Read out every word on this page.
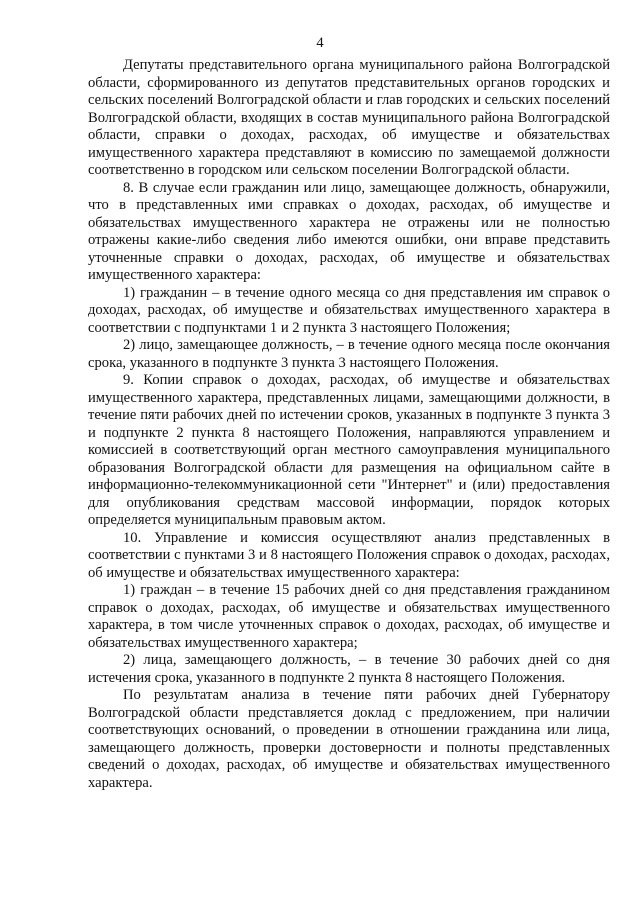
4

Депутаты представительного органа муниципального района Волгоградской области, сформированного из депутатов представительных органов городских и сельских поселений Волгоградской области и глав городских и сельских поселений Волгоградской области, входящих в состав муниципального района Волгоградской области, справки о доходах, расходах, об имуществе и обязательствах имущественного характера представляют в комиссию по замещаемой должности соответственно в городском или сельском поселении Волгоградской области.

8. В случае если гражданин или лицо, замещающее должность, обнаружили, что в представленных ими справках о доходах, расходах, об имуществе и обязательствах имущественного характера не отражены или не полностью отражены какие-либо сведения либо имеются ошибки, они вправе представить уточненные справки о доходах, расходах, об имуществе и обязательствах имущественного характера:

1) гражданин – в течение одного месяца со дня представления им справок о доходах, расходах, об имуществе и обязательствах имущественного характера в соответствии с подпунктами 1 и 2 пункта 3 настоящего Положения;

2) лицо, замещающее должность, – в течение одного месяца после окончания срока, указанного в подпункте 3 пункта 3 настоящего Положения.

9. Копии справок о доходах, расходах, об имуществе и обязательствах имущественного характера, представленных лицами, замещающими должности, в течение пяти рабочих дней по истечении сроков, указанных в подпункте 3 пункта 3 и подпункте 2 пункта 8 настоящего Положения, направляются управлением и комиссией в соответствующий орган местного самоуправления муниципального образования Волгоградской области для размещения на официальном сайте в информационно-телекоммуникационной сети "Интернет" и (или) предоставления для опубликования средствам массовой информации, порядок которых определяется муниципальным правовым актом.

10. Управление и комиссия осуществляют анализ представленных в соответствии с пунктами 3 и 8 настоящего Положения справок о доходах, расходах, об имуществе и обязательствах имущественного характера:

1) граждан – в течение 15 рабочих дней со дня представления гражданином справок о доходах, расходах, об имуществе и обязательствах имущественного характера, в том числе уточненных справок о доходах, расходах, об имуществе и обязательствах имущественного характера;

2) лица, замещающего должность, – в течение 30 рабочих дней со дня истечения срока, указанного в подпункте 2 пункта 8 настоящего Положения.

По результатам анализа в течение пяти рабочих дней Губернатору Волгоградской области представляется доклад с предложением, при наличии соответствующих оснований, о проведении в отношении гражданина или лица, замещающего должность, проверки достоверности и полноты представленных сведений о доходах, расходах, об имуществе и обязательствах имущественного характера.
